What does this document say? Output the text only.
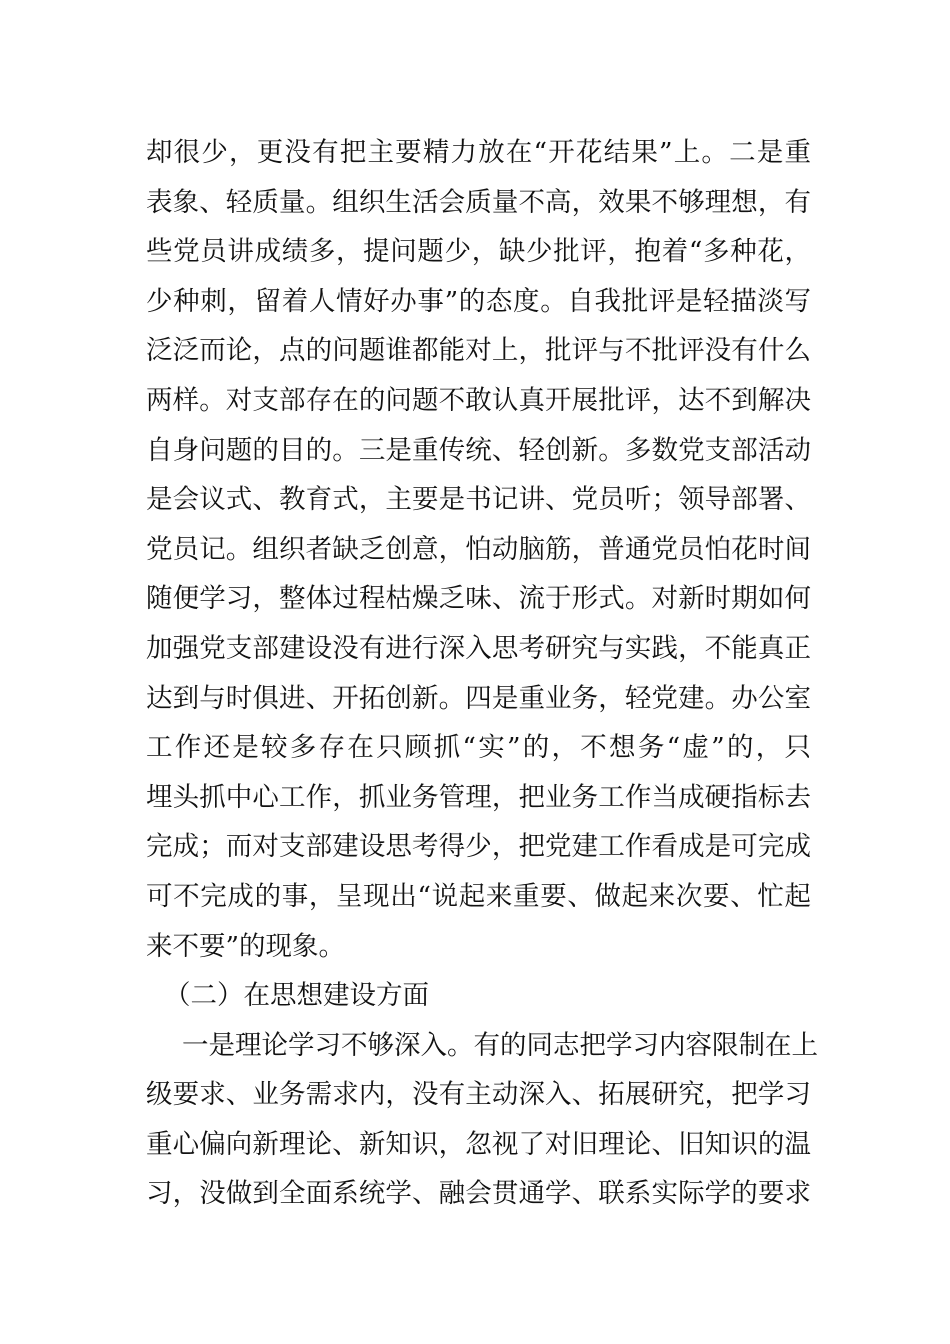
却很少，更没有把主要精力放在“开花结果”上。二是重
表象、轻质量。组织生活会质量不高，效果不够理想，有
些党员讲成绩多，提问题少，缺少批评，抱着“多种花，
少种刺，留着人情好办事”的态度。自我批评是轻描淡写
泛泛而论，点的问题谁都能对上，批评与不批评没有什么
两样。对支部存在的问题不敢认真开展批评，达不到解决
自身问题的目的。三是重传统、轻创新。多数党支部活动
是会议式、教育式，主要是书记讲、党员听；领导部署、
党员记。组织者缺乏创意，怕动脑筋，普通党员怕花时间
随便学习，整体过程枯燥乏味、流于形式。对新时期如何
加强党支部建设没有进行深入思考研究与实践，不能真正
达到与时俱进、开拓创新。四是重业务，轻党建。办公室
工作还是较多存在只顾抓“实”的，不想务“虚”的，只
埋头抓中心工作，抓业务管理，把业务工作当成硬指标去
完成；而对支部建设思考得少，把党建工作看成是可完成
可不完成的事，呈现出“说起来重要、做起来次要、忙起
来不要”的现象。
（二）在思想建设方面
一是理论学习不够深入。有的同志把学习内容限制在上
级要求、业务需求内，没有主动深入、拓展研究，把学习
重心偏向新理论、新知识，忽视了对旧理论、旧知识的温
习，没做到全面系统学、融会贯通学、联系实际学的要求
